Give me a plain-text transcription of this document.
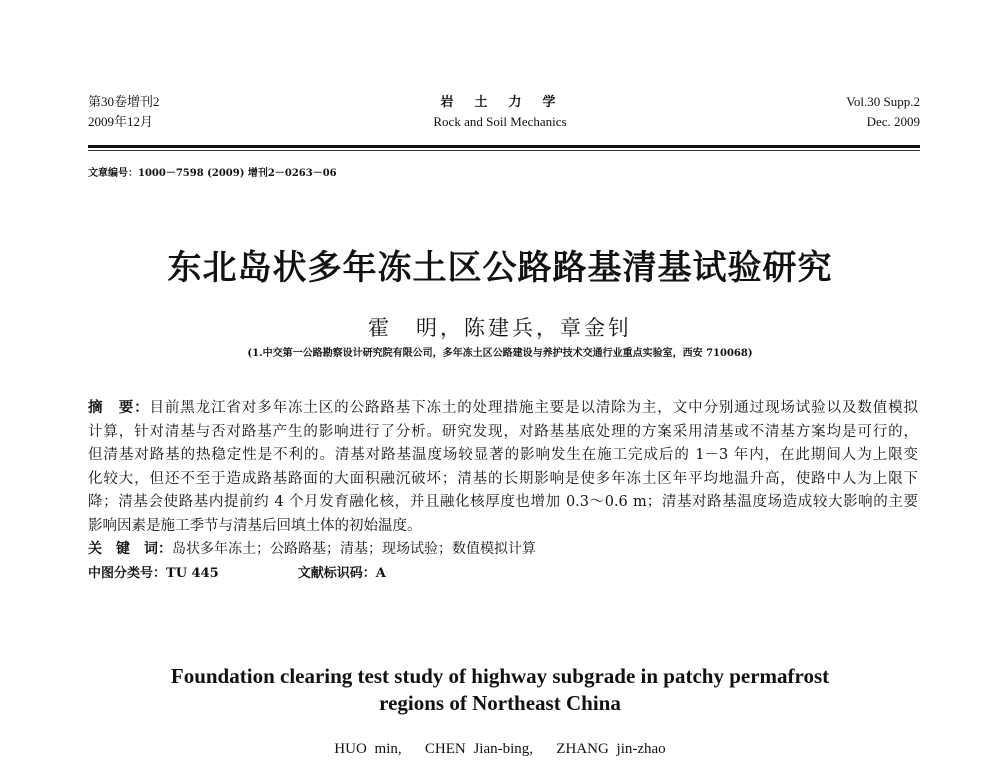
第30卷增刊2
2009年12月
岩　土　力　学
Rock and Soil Mechanics
Vol.30 Supp.2
Dec. 2009
文章编号：1000－7598 (2009) 增刊2－0263－06
东北岛状多年冻土区公路路基清基试验研究
霍　明，陈建兵，章金钊
(1.中交第一公路勘察设计研究院有限公司，多年冻土区公路建设与养护技术交通行业重点实验室，西安 710068)
摘　要：目前黑龙江省对多年冻土区的公路路基下冻土的处理措施主要是以清除为主，文中分别通过现场试验以及数值模拟
计算，针对清基与否对路基产生的影响进行了分析。研究发现，对路基基底处理的方案采用清基或不清基方案均是可行的，
但清基对路基的热稳定性是不利的。清基对路基温度场较显著的影响发生在施工完成后的 1－3 年内，在此期间人为上限变
化较大，但还不至于造成路基路面的大面积融沉破坏；清基的长期影响是使多年冻土区年平均地温升高，使路中人为上限下
降；清基会使路基内提前约 4 个月发育融化核，并且融化核厚度也增加 0.3～0.6 m；清基对路基温度场造成较大影响的主要
影响因素是施工季节与清基后回填土体的初始温度。
关　键　词：岛状多年冻土；公路路基；清基；现场试验；数值模拟计算
中图分类号：TU 445	文献标识码：A
Foundation clearing test study of highway subgrade in patchy permafrost
regions of Northeast China
HUO min,   CHEN Jian-bing,   ZHANG jin-zhao
